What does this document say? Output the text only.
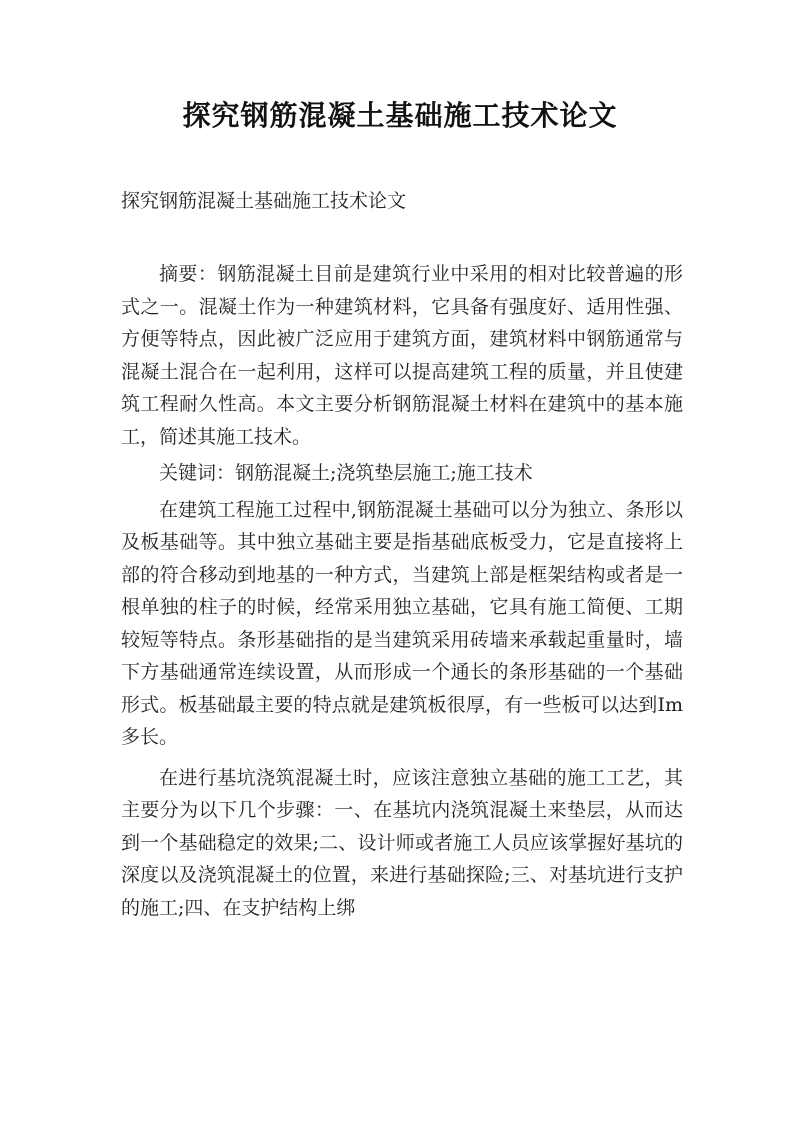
探究钢筋混凝土基础施工技术论文
探究钢筋混凝土基础施工技术论文

摘要：钢筋混凝土目前是建筑行业中采用的相对比较普遍的形式之一。混凝土作为一种建筑材料，它具备有强度好、适用性强、方便等特点，因此被广泛应用于建筑方面，建筑材料中钢筋通常与混凝土混合在一起利用，这样可以提高建筑工程的质量，并且使建筑工程耐久性高。本文主要分析钢筋混凝土材料在建筑中的基本施工，简述其施工技术。

关键词：钢筋混凝土;浇筑垫层施工;施工技术

在建筑工程施工过程中,钢筋混凝土基础可以分为独立、条形以及板基础等。其中独立基础主要是指基础底板受力，它是直接将上部的符合移动到地基的一种方式，当建筑上部是框架结构或者是一根单独的柱子的时候，经常采用独立基础，它具有施工简便、工期较短等特点。条形基础指的是当建筑采用砖墙来承载起重量时，墙下方基础通常连续设置，从而形成一个通长的条形基础的一个基础形式。板基础最主要的特点就是建筑板很厚，有一些板可以达到Im多长。

在进行基坑浇筑混凝土时，应该注意独立基础的施工工艺，其主要分为以下几个步骤：一、在基坑内浇筑混凝土来垫层，从而达到一个基础稳定的效果;二、设计师或者施工人员应该掌握好基坑的深度以及浇筑混凝土的位置，来进行基础探险;三、对基坑进行支护的施工;四、在支护结构上绑
